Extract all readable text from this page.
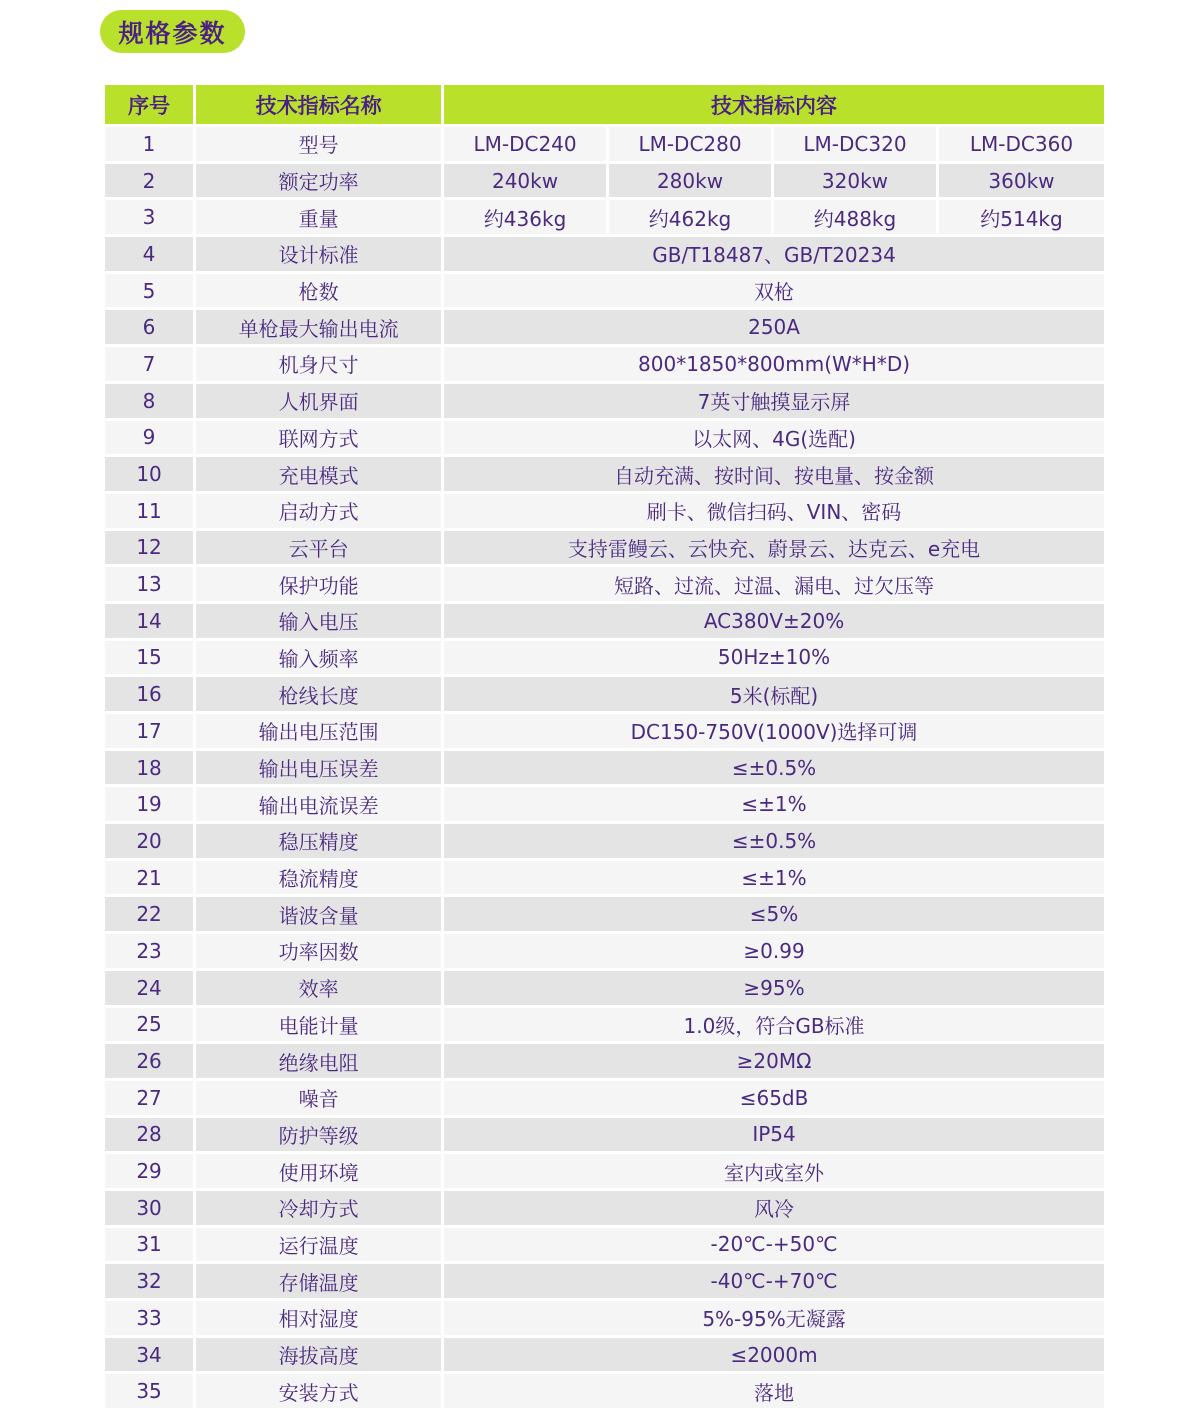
规格参数
序号	技术指标名称	技术指标内容			
1	型号	LM-DC240	LM-DC280	LM-DC320	LM-DC360
2	额定功率	240kw	280kw	320kw	360kw
3	重量	约436kg	约462kg	约488kg	约514kg
4	设计标准	GB/T18487、GB/T20234			
5	枪数	双枪			
6	单枪最大输出电流	250A			
7	机身尺寸	800*1850*800mm(W*H*D)			
8	人机界面	7英寸触摸显示屏			
9	联网方式	以太网、4G(选配)			
10	充电模式	自动充满、按时间、按电量、按金额			
11	启动方式	刷卡、微信扫码、VIN、密码			
12	云平台	支持雷鳗云、云快充、蔚景云、达克云、e充电			
13	保护功能	短路、过流、过温、漏电、过欠压等			
14	输入电压	AC380V±20%			
15	输入频率	50Hz±10%			
16	枪线长度	5米(标配)			
17	输出电压范围	DC150-750V(1000V)选择可调			
18	输出电压误差	≤±0.5%			
19	输出电流误差	≤±1%			
20	稳压精度	≤±0.5%			
21	稳流精度	≤±1%			
22	谐波含量	≤5%			
23	功率因数	≥0.99			
24	效率	≥95%			
25	电能计量	1.0级，符合GB标准			
26	绝缘电阻	≥20MΩ			
27	噪音	≤65dB			
28	防护等级	IP54			
29	使用环境	室内或室外			
30	冷却方式	风冷			
31	运行温度	-20℃-+50℃			
32	存储温度	-40℃-+70℃			
33	相对湿度	5%-95%无凝露			
34	海拔高度	≤2000m			
35	安装方式	落地			
